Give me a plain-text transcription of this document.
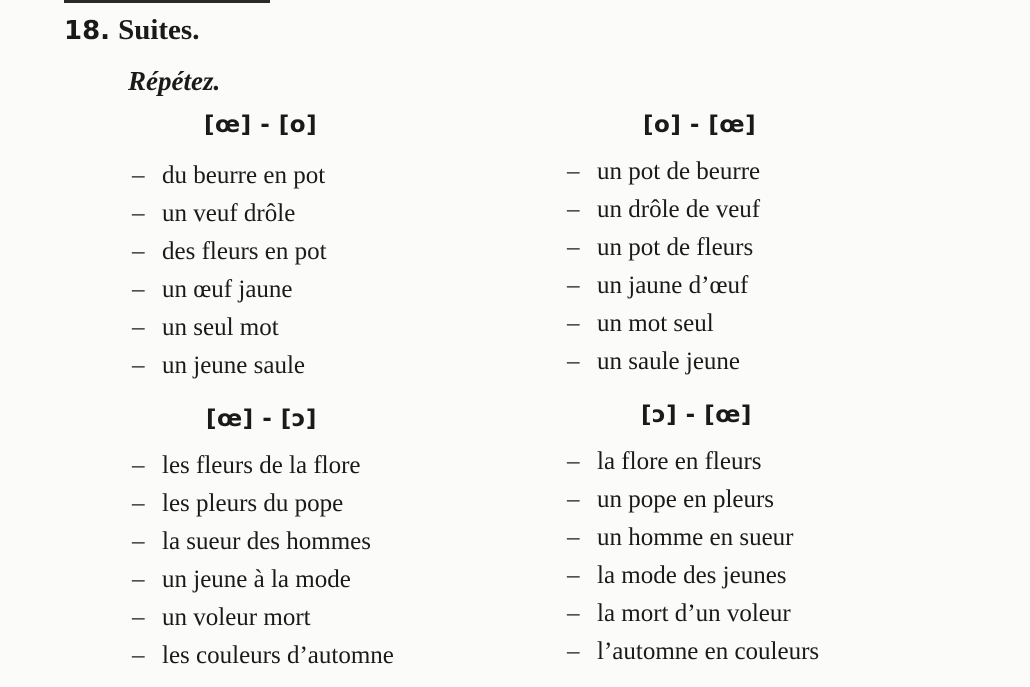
18. Suites.
Répétez.
[œ] - [o]
– du beurre en pot
– un veuf drôle
– des fleurs en pot
– un œuf jaune
– un seul mot
– un jeune saule
[o] - [œ]
– un pot de beurre
– un drôle de veuf
– un pot de fleurs
– un jaune d’œuf
– un mot seul
– un saule jeune
[œ] - [ɔ]
– les fleurs de la flore
– les pleurs du pope
– la sueur des hommes
– un jeune à la mode
– un voleur mort
– les couleurs d’automne
[ɔ] - [œ]
– la flore en fleurs
– un pope en pleurs
– un homme en sueur
– la mode des jeunes
– la mort d’un voleur
– l’automne en couleurs
